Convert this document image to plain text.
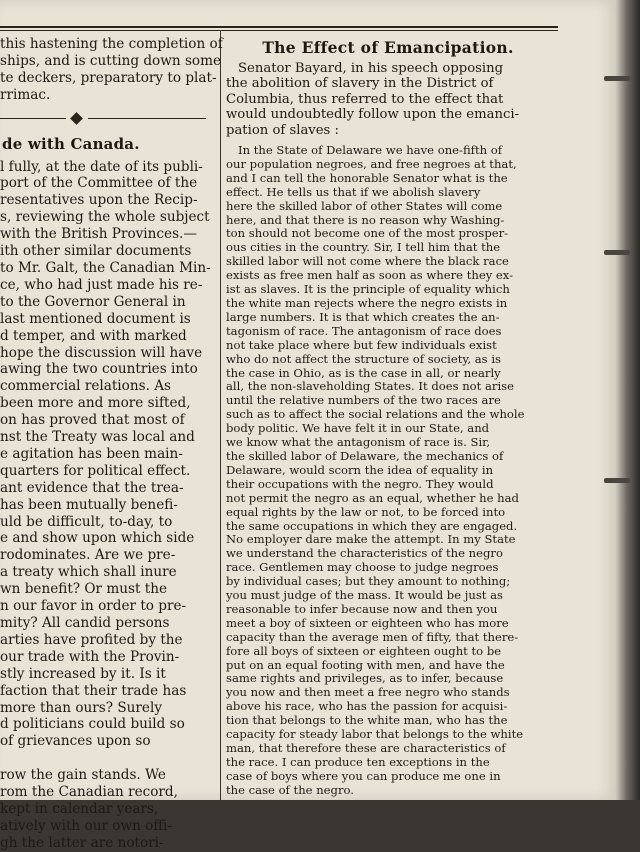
this hastening the completion of

ships, and is cutting down some

te deckers, preparatory to plat-

rrimac.

de with Canada.

l fully, at the date of its publi-

port of the Committee of the

resentatives upon the Recip-

s, reviewing the whole subject

with the British Provinces.—

ith other similar documents

to Mr. Galt, the Canadian Min-

ce, who had just made his re-

to the Governor General in

last mentioned document is

d temper, and with marked

hope the discussion will have

awing the two countries into

commercial relations. As

been more and more sifted,

on has proved that most of

nst the Treaty was local and

e agitation has been main-

quarters for political effect.

ant evidence that the trea-

has been mutually benefi-

uld be difficult, to-day, to

e and show upon which side

rodominates. Are we pre-

a treaty which shall inure

wn benefit? Or must the

n our favor in order to pre-

mity? All candid persons

arties have profited by the

our trade with the Provin-

stly increased by it. Is it

faction that their trade has

more than ours? Surely

d politicians could build so

of grievances upon so

row the gain stands. We

rom the Canadian record,

kept in calendar years,

atively with our own offi-

gh the latter are notori-

The Effect of Emancipation.

Senator Bayard, in his speech opposing

the abolition of slavery in the District of

Columbia, thus referred to the effect that

would undoubtedly follow upon the emanci-

pation of slaves :

In the State of Delaware we have one-fifth of

our population negroes, and free negroes at that,

and I can tell the honorable Senator what is the

effect. He tells us that if we abolish slavery

here the skilled labor of other States will come

here, and that there is no reason why Washing-

ton should not become one of the most prosper-

ous cities in the country. Sir, I tell him that the

skilled labor will not come where the black race

exists as free men half as soon as where they ex-

ist as slaves. It is the principle of equality which

the white man rejects where the negro exists in

large numbers. It is that which creates the an-

tagonism of race. The antagonism of race does

not take place where but few individuals exist

who do not affect the structure of society, as is

the case in Ohio, as is the case in all, or nearly

all, the non-slaveholding States. It does not arise

until the relative numbers of the two races are

such as to affect the social relations and the whole

body politic. We have felt it in our State, and

we know what the antagonism of race is. Sir,

the skilled labor of Delaware, the mechanics of

Delaware, would scorn the idea of equality in

their occupations with the negro. They would

not permit the negro as an equal, whether he had

equal rights by the law or not, to be forced into

the same occupations in which they are engaged.

No employer dare make the attempt. In my State

we understand the characteristics of the negro

race. Gentlemen may choose to judge negroes

by individual cases; but they amount to nothing;

you must judge of the mass. It would be just as

reasonable to infer because now and then you

meet a boy of sixteen or eighteen who has more

capacity than the average men of fifty, that there-

fore all boys of sixteen or eighteen ought to be

put on an equal footing with men, and have the

same rights and privileges, as to infer, because

you now and then meet a free negro who stands

above his race, who has the passion for acquisi-

tion that belongs to the white man, who has the

capacity for steady labor that belongs to the white

man, that therefore these are characteristics of

the race. I can produce ten exceptions in the

case of boys where you can produce me one in

the case of the negro.
